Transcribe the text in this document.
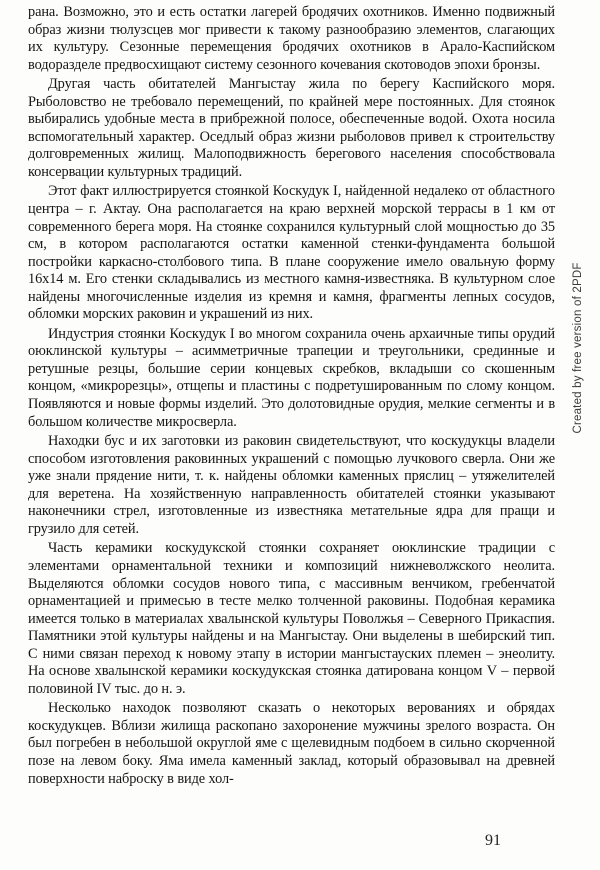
рана. Возможно, это и есть остатки лагерей бродячих охотников. Именно подвижный образ жизни тюлузсцев мог привести к такому разнообразию элементов, слагающих их культуру. Сезонные перемещения бродячих охотников в Арало-Каспийском водоразделе предвосхищают систему сезонного кочевания скотоводов эпохи бронзы.

Другая часть обитателей Мангыстау жила по берегу Каспийского моря. Рыболовство не требовало перемещений, по крайней мере постоянных. Для стоянок выбирались удобные места в прибрежной полосе, обеспеченные водой. Охота носила вспомогательный характер. Оседлый образ жизни рыболовов привел к строительству долговременных жилищ. Малоподвижность берегового населения способствовала консервации культурных традиций.

Этот факт иллюстрируется стоянкой Коскудук I, найденной недалеко от областного центра – г. Актау. Она располагается на краю верхней морской террасы в 1 км от современного берега моря. На стоянке сохранился культурный слой мощностью до 35 см, в котором располагаются остатки каменной стенки-фундамента большой постройки каркасно-столбового типа. В плане сооружение имело овальную форму 16х14 м. Его стенки складывались из местного камня-известняка. В культурном слое найдены многочисленные изделия из кремня и камня, фрагменты лепных сосудов, обломки морских раковин и украшений из них.

Индустрия стоянки Коскудук I во многом сохранила очень архаичные типы орудий оюклинской культуры – асимметричные трапеции и треугольники, срединные и ретушные резцы, большие серии концевых скребков, вкладыши со скошенным концом, «микрорезцы», отщепы и пластины с подретушированным по слому концом. Появляются и новые формы изделий. Это долотовидные орудия, мелкие сегменты и в большом количестве микросверла.

Находки бус и их заготовки из раковин свидетельствуют, что коскудукцы владели способом изготовления раковинных украшений с помощью лучкового сверла. Они же уже знали прядение нити, т. к. найдены обломки каменных пряслиц – утяжелителей для веретена. На хозяйственную направленность обитателей стоянки указывают наконечники стрел, изготовленные из известняка метательные ядра для пращи и грузило для сетей.

Часть керамики коскудукской стоянки сохраняет оюклинские традиции с элементами орнаментальной техники и композиций нижневолжского неолита. Выделяются обломки сосудов нового типа, с массивным венчиком, гребенчатой орнаментацией и примесью в тесте мелко толченной раковины. Подобная керамика имеется только в материалах хвалынской культуры Поволжья – Северного Прикаспия. Памятники этой культуры найдены и на Мангыстау. Они выделены в шебирский тип. С ними связан переход к новому этапу в истории мангыстауских племен – энеолиту. На основе хвалынской керамики коскудукская стоянка датирована концом V – первой половиной IV тыс. до н. э.

Несколько находок позволяют сказать о некоторых верованиях и обрядах коскудукцев. Вблизи жилища раскопано захоронение мужчины зрелого возраста. Он был погребен в небольшой округлой яме с щелевидным подбоем в сильно скорченной позе на левом боку. Яма имела каменный заклад, который образовывал на древней поверхности наброску в виде хол-

Created by free version of 2PDF
91
